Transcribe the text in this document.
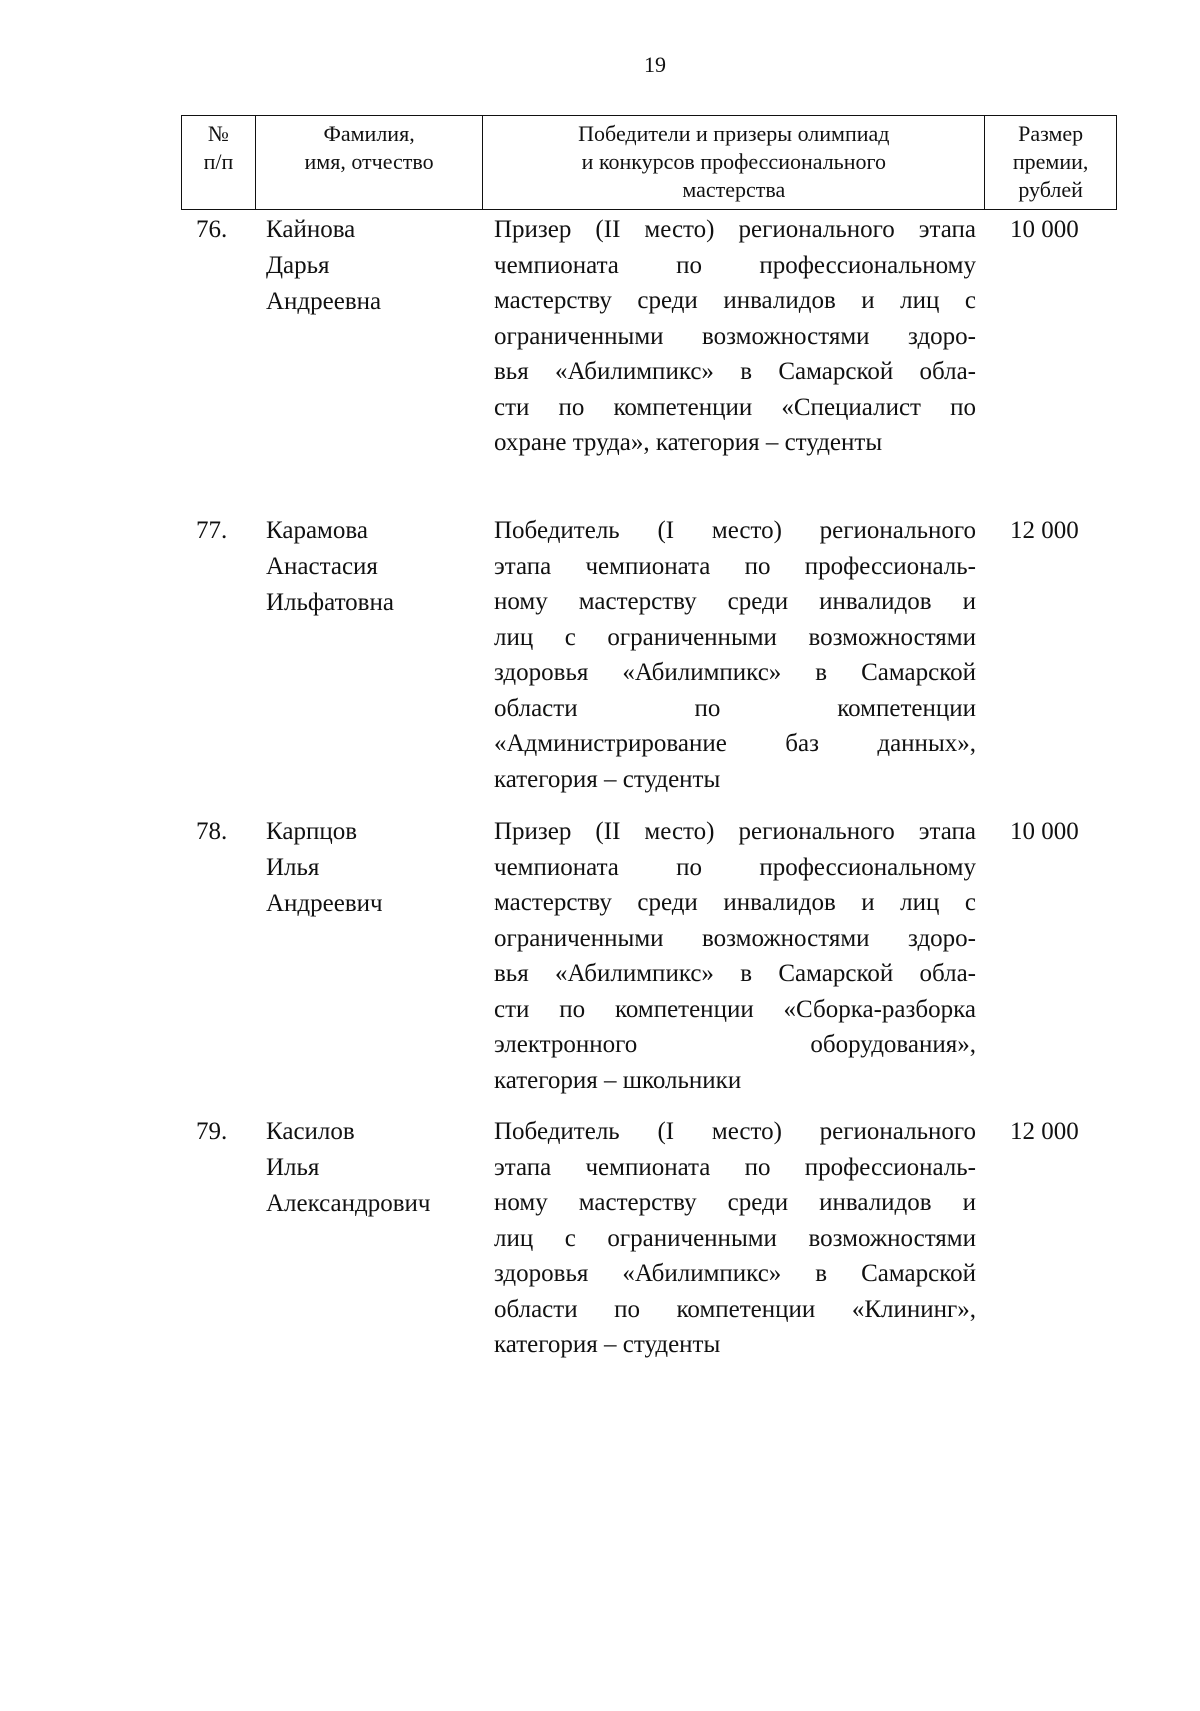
19
№
п/п
Фамилия,
имя, отчество
Победители и призеры олимпиад
и конкурсов профессионального
мастерства
Размер
премии,
рублей
76. Кайнова
Дарья
Андреевна
Призер (II место) регионального этапа
чемпионата по профессиональному
мастерству среди инвалидов и лиц с
ограниченными возможностями здоро-
вья «Абилимпикс» в Самарской обла-
сти по компетенции «Специалист по
охране труда», категория – студенты
10 000
77. Карамова
Анастасия
Ильфатовна
Победитель (I место) регионального
этапа чемпионата по профессиональ-
ному мастерству среди инвалидов и
лиц с ограниченными возможностями
здоровья «Абилимпикс» в Самарской
области по компетенции
«Администрирование баз данных»,
категория – студенты
12 000
78. Карпцов
Илья
Андреевич
Призер (II место) регионального этапа
чемпионата по профессиональному
мастерству среди инвалидов и лиц с
ограниченными возможностями здоро-
вья «Абилимпикс» в Самарской обла-
сти по компетенции «Сборка-разборка
электронного оборудования»,
категория – школьники
10 000
79. Касилов
Илья
Александрович
Победитель (I место) регионального
этапа чемпионата по профессиональ-
ному мастерству среди инвалидов и
лиц с ограниченными возможностями
здоровья «Абилимпикс» в Самарской
области по компетенции «Клининг»,
категория – студенты
12 000
